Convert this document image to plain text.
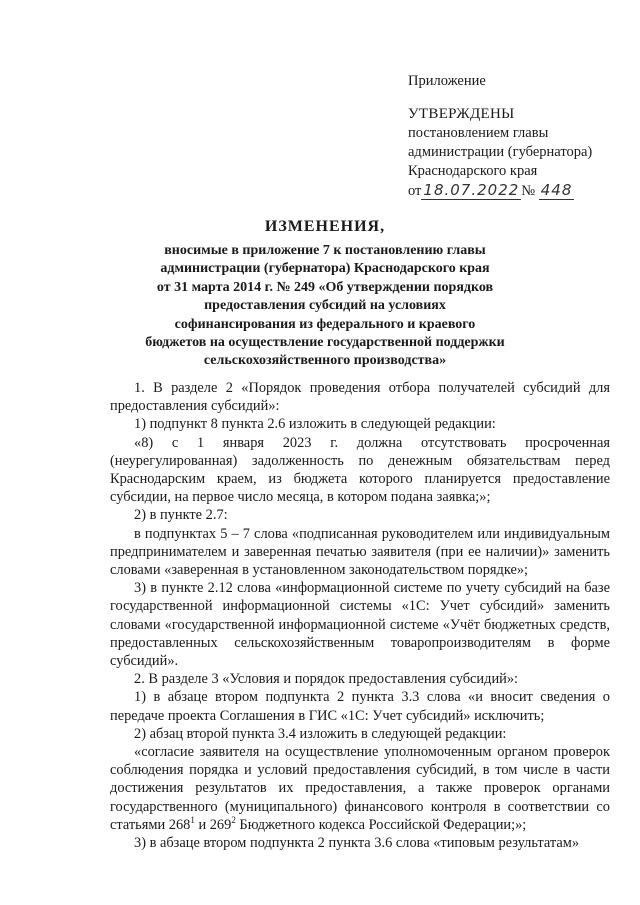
Приложение
УТВЕРЖДЕНЫ
постановлением главы
администрации (губернатора)
Краснодарского края
от 18.07.2022 № 448
ИЗМЕНЕНИЯ,
вносимые в приложение 7 к постановлению главы
администрации (губернатора) Краснодарского края
от 31 марта 2014 г. № 249 «Об утверждении порядков
предоставления субсидий на условиях
софинансирования из федерального и краевого
бюджетов на осуществление государственной поддержки
сельскохозяйственного производства»

1. В разделе 2 «Порядок проведения отбора получателей субсидий для предоставления субсидий»:

1) подпункт 8 пункта 2.6 изложить в следующей редакции:

«8) с 1 января 2023 г. должна отсутствовать просроченная (неурегулированная) задолженность по денежным обязательствам перед Краснодарским краем, из бюджета которого планируется предоставление субсидии, на первое число месяца, в котором подана заявка;»;

2) в пункте 2.7:

в подпунктах 5 – 7 слова «подписанная руководителем или индивидуальным предпринимателем и заверенная печатью заявителя (при ее наличии)» заменить словами «заверенная в установленном законодательством порядке»;

3) в пункте 2.12 слова «информационной системе по учету субсидий на базе государственной информационной системы «1С: Учет субсидий» заменить словами «государственной информационной системе «Учёт бюджетных средств, предоставленных сельскохозяйственным товаропроизводителям в форме субсидий».

2. В разделе 3 «Условия и порядок предоставления субсидий»:

1) в абзаце втором подпункта 2 пункта 3.3 слова «и вносит сведения о передаче проекта Соглашения в ГИС «1С: Учет субсидий» исключить;

2) абзац второй пункта 3.4 изложить в следующей редакции:

«согласие заявителя на осуществление уполномоченным органом проверок соблюдения порядка и условий предоставления субсидий, в том числе в части достижения результатов их предоставления, а также проверок органами государственного (муниципального) финансового контроля в соответствии со статьями $268^1$ и $269^2$ Бюджетного кодекса Российской Федерации;»;

3) в абзаце втором подпункта 2 пункта 3.6 слова «типовым результатам»
